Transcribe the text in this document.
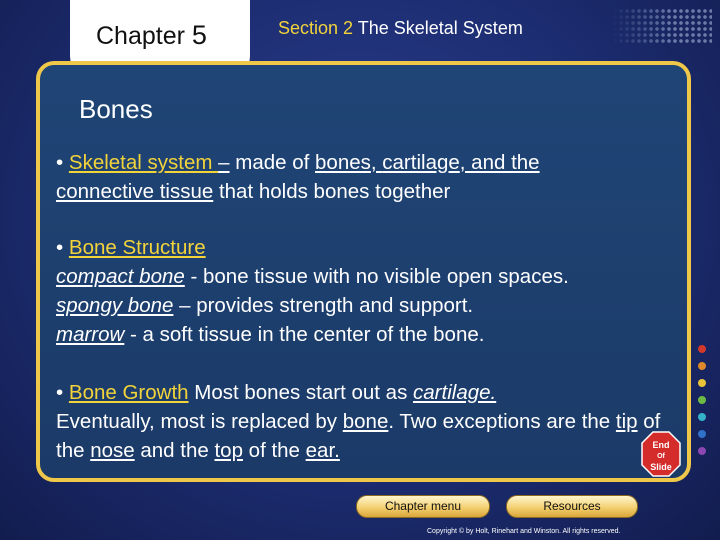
Chapter 5	Section 2 The Skeletal System
Bones

• Skeletal system – made of bones, cartilage, and the
connective tissue that holds bones together

• Bone Structure

compact bone - bone tissue with no visible open spaces.

spongy bone – provides strength and support.

marrow - a soft tissue in the center of the bone.

• Bone Growth Most bones start out as cartilage.
Eventually, most is replaced by bone. Two exceptions are the tip of the nose and the top of the ear.	End
Of
Slide
Chapter menu	Resources
Copyright © by Holt, Rinehart and Winston. All rights reserved.
